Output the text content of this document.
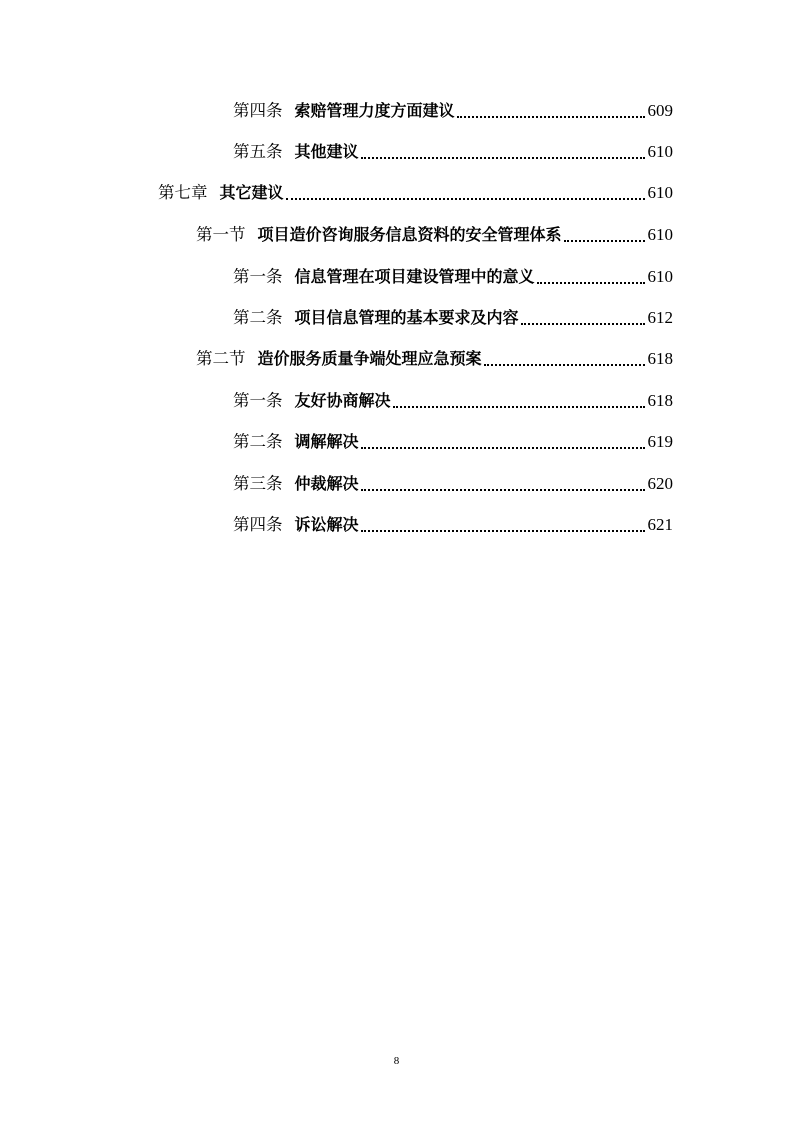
第四条 索赔管理力度方面建议	609
第五条 其他建议	610
第七章 其它建议	610
第一节 项目造价咨询服务信息资料的安全管理体系	610
第一条 信息管理在项目建设管理中的意义	610
第二条 项目信息管理的基本要求及内容	612
第二节 造价服务质量争端处理应急预案	618
第一条 友好协商解决	618
第二条 调解解决	619
第三条 仲裁解决	620
第四条 诉讼解决	621
8
